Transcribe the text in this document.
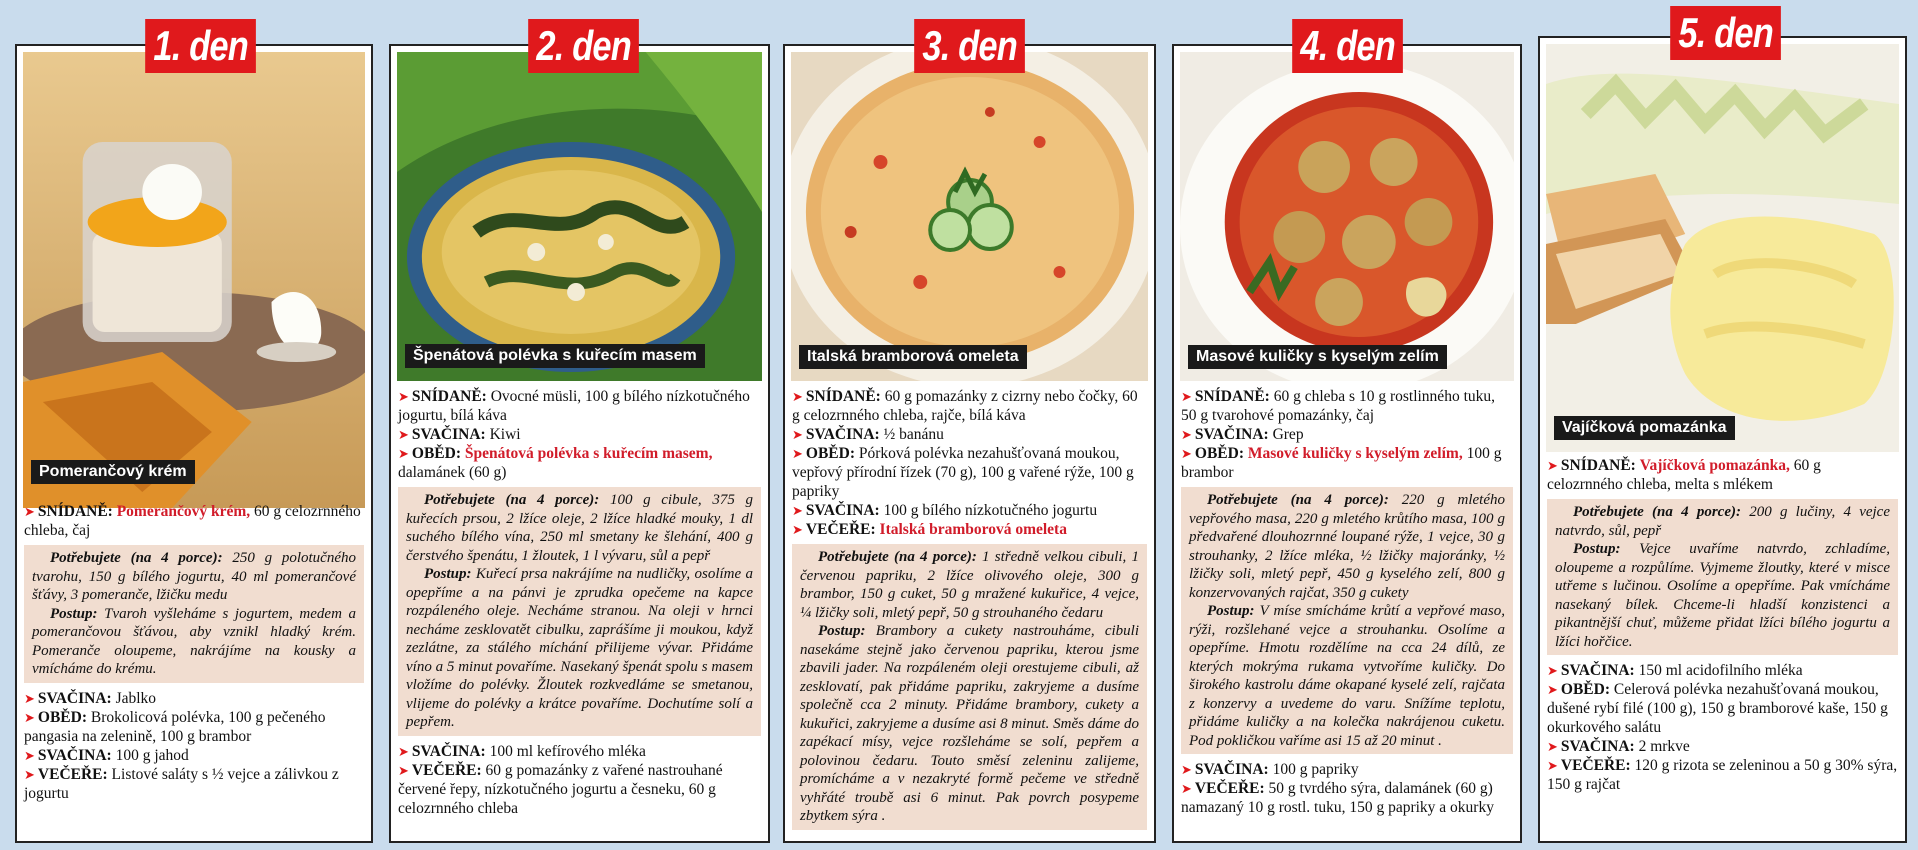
Pomerančový krém

➤ SNÍDANĚ: Pomerančový krém, 60 g celozrnného chleba, čaj

Potřebujete (na 4 porce): 250 g polotučného tvarohu, 150 g bílého jogurtu, 40 ml pomerančové šťávy, 3 pomeranče, lžičku medu

Postup: Tvaroh vyšleháme s jogurtem, medem a pomerančovou šťávou, aby vznikl hladký krém. Pomeranče oloupeme, nakrájíme na kousky a vmícháme do krému.

➤ SVAČINA: Jablko

➤ OBĚD: Brokolicová polévka, 100 g pečeného pangasia na zelenině, 100 g brambor

➤ SVAČINA: 100 g jahod

➤ VEČEŘE: Listové saláty s ½ vejce a zálivkou z jogurtu

1. den
Špenátová polévka s kuřecím masem

➤ SNÍDANĚ: Ovocné müsli, 100 g bílého nízkotučného jogurtu, bílá káva

➤ SVAČINA: Kiwi

➤ OBĚD: Špenátová polévka s kuřecím masem, dalamánek (60 g)

Potřebujete (na 4 porce): 100 g cibule, 375 g kuřecích prsou, 2 lžíce oleje, 2 lžíce hladké mouky, 1 dl suchého bílého vína, 250 ml smetany ke šlehání, 400 g čerstvého špenátu, 1 žloutek, 1 l vývaru, sůl a pepř

Postup: Kuřecí prsa nakrájíme na nudličky, osolíme a opepříme a na pánvi je zprudka opečeme na kapce rozpáleného oleje. Necháme stranou. Na oleji v hrnci necháme zesklovatět cibulku, zaprášíme ji moukou, když zezlátne, za stálého míchání přilijeme vývar. Přidáme víno a 5 minut povaříme. Nasekaný špenát spolu s masem vložíme do polévky. Žloutek rozkvedláme se smetanou, vlijeme do polévky a krátce povaříme. Dochutíme solí a pepřem.

➤ SVAČINA: 100 ml kefírového mléka

➤ VEČEŘE: 60 g pomazánky z vařené nastrouhané červené řepy, nízkotučného jogurtu a česneku, 60 g celozrnného chleba

2. den
Italská bramborová omeleta

➤ SNÍDANĚ: 60 g pomazánky z cizrny nebo čočky, 60 g celozrnného chleba, rajče, bílá káva

➤ SVAČINA: ½ banánu

➤ OBĚD: Pórková polévka nezahušťovaná moukou, vepřový přírodní řízek (70 g), 100 g vařené rýže, 100 g papriky

➤ SVAČINA: 100 g bílého nízkotučného jogurtu

➤ VEČEŘE: Italská bramborová omeleta

Potřebujete (na 4 porce): 1 středně velkou cibuli, 1 červenou papriku, 2 lžíce olivového oleje, 300 g brambor, 150 g cuket, 50 g mražené kukuřice, 4 vejce, ¼ lžičky soli, mletý pepř, 50 g strouhaného čedaru

Postup: Brambory a cukety nastrouháme, cibuli nasekáme stejně jako červenou papriku, kterou jsme zbavili jader. Na rozpáleném oleji orestujeme cibuli, až zesklovatí, pak přidáme papriku, zakryjeme a dusíme společně cca 2 minuty. Přidáme brambory, cukety a kukuřici, zakryjeme a dusíme asi 8 minut. Směs dáme do zapékací mísy, vejce rozšleháme se solí, pepřem a polovinou čedaru. Touto směsí zeleninu zalijeme, promícháme a v nezakryté formě pečeme ve středně vyhřáté troubě asi 6 minut. Pak povrch posypeme zbytkem sýra .

3. den
Masové kuličky s kyselým zelím

➤ SNÍDANĚ: 60 g chleba s 10 g rostlinného tuku, 50 g tvarohové pomazánky, čaj

➤ SVAČINA: Grep

➤ OBĚD: Masové kuličky s kyselým zelím, 100 g brambor

Potřebujete (na 4 porce): 220 g mletého vepřového masa, 220 g mletého krůtího masa, 100 g předvařené dlouhozrnné loupané rýže, 1 vejce, 30 g strouhanky, 2 lžíce mléka, ½ lžičky majoránky, ½ lžičky soli, mletý pepř, 450 g kyselého zelí, 800 g konzervovaných rajčat, 350 g cukety

Postup: V míse smícháme krůtí a vepřové maso, rýži, rozšlehané vejce a strouhanku. Osolíme a opepříme. Hmotu rozdělíme na cca 24 dílů, ze kterých mokrýma rukama vytvoříme kuličky. Do širokého kastrolu dáme okapané kyselé zelí, rajčata z konzervy a uvedeme do varu. Snížíme teplotu, přidáme kuličky a na kolečka nakrájenou cuketu. Pod pokličkou vaříme asi 15 až 20 minut .

➤ SVAČINA: 100 g papriky

➤ VEČEŘE: 50 g tvrdého sýra, dalamánek (60 g) namazaný 10 g rostl. tuku, 150 g papriky a okurky

4. den
Vajíčková pomazánka

➤ SNÍDANĚ: Vajíčková pomazánka, 60 g celozrnného chleba, melta s mlékem

Potřebujete (na 4 porce): 200 g lučiny, 4 vejce natvrdo, sůl, pepř

Postup: Vejce uvaříme natvrdo, zchladíme, oloupeme a rozpůlíme. Vyjmeme žloutky, které v misce utřeme s lučinou. Osolíme a opepříme. Pak vmícháme nasekaný bílek. Chceme-li hladší konzistenci a pikantnější chuť, můžeme přidat lžíci bílého jogurtu a lžíci hořčice.

➤ SVAČINA: 150 ml acidofilního mléka

➤ OBĚD: Celerová polévka nezahušťovaná moukou, dušené rybí filé (100 g), 150 g bramborové kaše, 150 g okurkového salátu

➤ SVAČINA: 2 mrkve

➤ VEČEŘE: 120 g rizota se zeleninou a 50 g 30% sýra, 150 g rajčat

5. den
